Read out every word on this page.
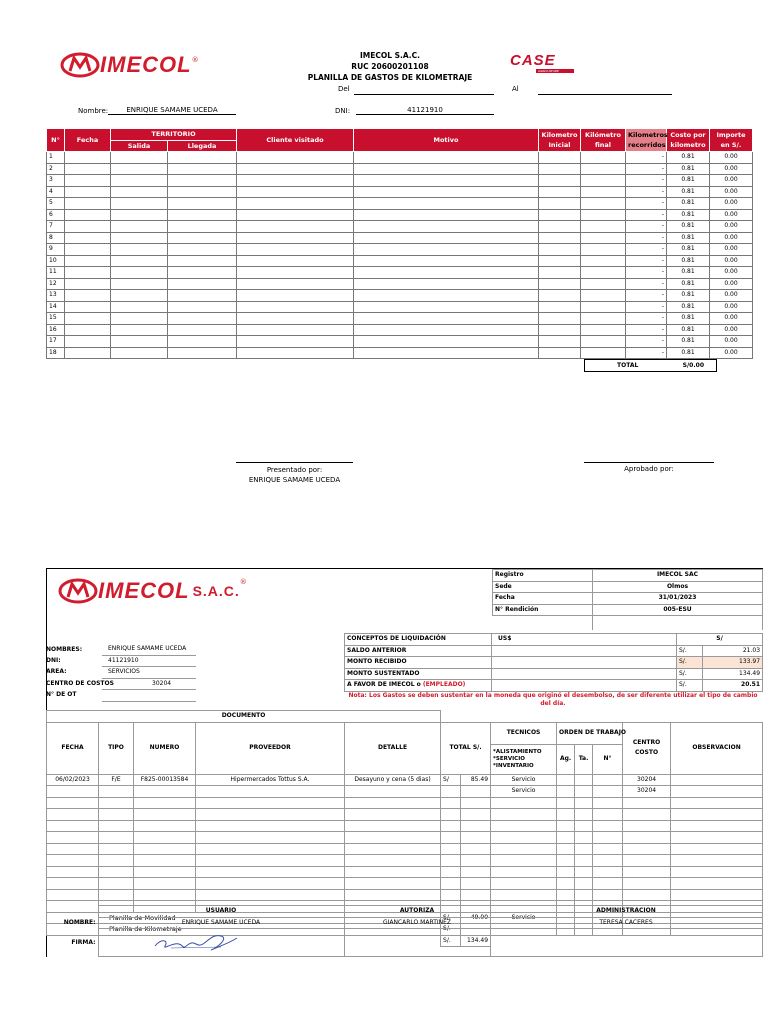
IMECOL ®	IMECOL S.A.C.
RUC 20600201108
PLANILLA DE GASTOS DE KILOMETRAJE
CASE
AGRICULTURE
Del	Al
Nombre:	ENRIQUE SAMAME UCEDA	DNI:	41121910
N°	Fecha	TERRITORIO		Cliente visitado	Motivo	Kilometro Inicial	Kilómetro final	Kilometros recorridos	Costo por kilometro	Importe en S/.
		Salida	Llegada							
1								-	0.81	0.00
2								-	0.81	0.00
3								-	0.81	0.00
4								-	0.81	0.00
5								-	0.81	0.00
6								-	0.81	0.00
7								-	0.81	0.00
8								-	0.81	0.00
9								-	0.81	0.00
10								-	0.81	0.00
11								-	0.81	0.00
12								-	0.81	0.00
13								-	0.81	0.00
14								-	0.81	0.00
15								-	0.81	0.00
16								-	0.81	0.00
17								-	0.81	0.00
18								-	0.81	0.00
TOTAL	S/0.00
Presentado por:
ENRIQUE SAMAME UCEDA
Aprobado por:
IMECOL S.A.C.
®
Registro	IMECOL SAC
Sede	Olmos
Fecha	31/01/2023
N° Rendición	005-ESU

NOMBRES:	ENRIQUE SAMAME UCEDA
DNI:	41121910
AREA:	SERVICIOS
CENTRO DE COSTOS	30204
N° DE OT	
CONCEPTOS DE LIQUIDACIÓN	US$	S/	
SALDO ANTERIOR		S/.	21.03
MONTO RECIBIDO		S/.	133.97
MONTO SUSTENTADO		S/.	134.49
A FAVOR DE IMECOL o (EMPLEADO)		S/.	20.51
Nota: Los Gastos se deben sustentar en la moneda que originó el desembolso, de ser diferente utilizar el tipo de cambio del día.
DOCUMENTO												
FECHA	TIPO	NUMERO	PROVEEDOR	DETALLE	TOTAL S/.		TECNICOS	ORDEN DE TRABAJO			CENTRO COSTO	OBSERVACION
							*ALISTAMIENTO
*SERVICIO
*INVENTARIO	Ag.	Ta.	N°		
06/02/2023	F/E	F825-00013584	Hipermercados Tottus S.A.	Desayuno y cena (5 dias)	S/	85.49	Servicio				30204	
							Servicio				30204	

	Planilla de Movilidad				S/.	49.00	Servicio					
	Planilla de Kilometraje				S/.	-						
					S/.	134.49						
	USUARIO	AUTORIZA	ADMINISTRACION
NOMBRE:	ENRIQUE SAMAME UCEDA	GIANCARLO MARTINEZ	TERESA CACERES
FIRMA:	
